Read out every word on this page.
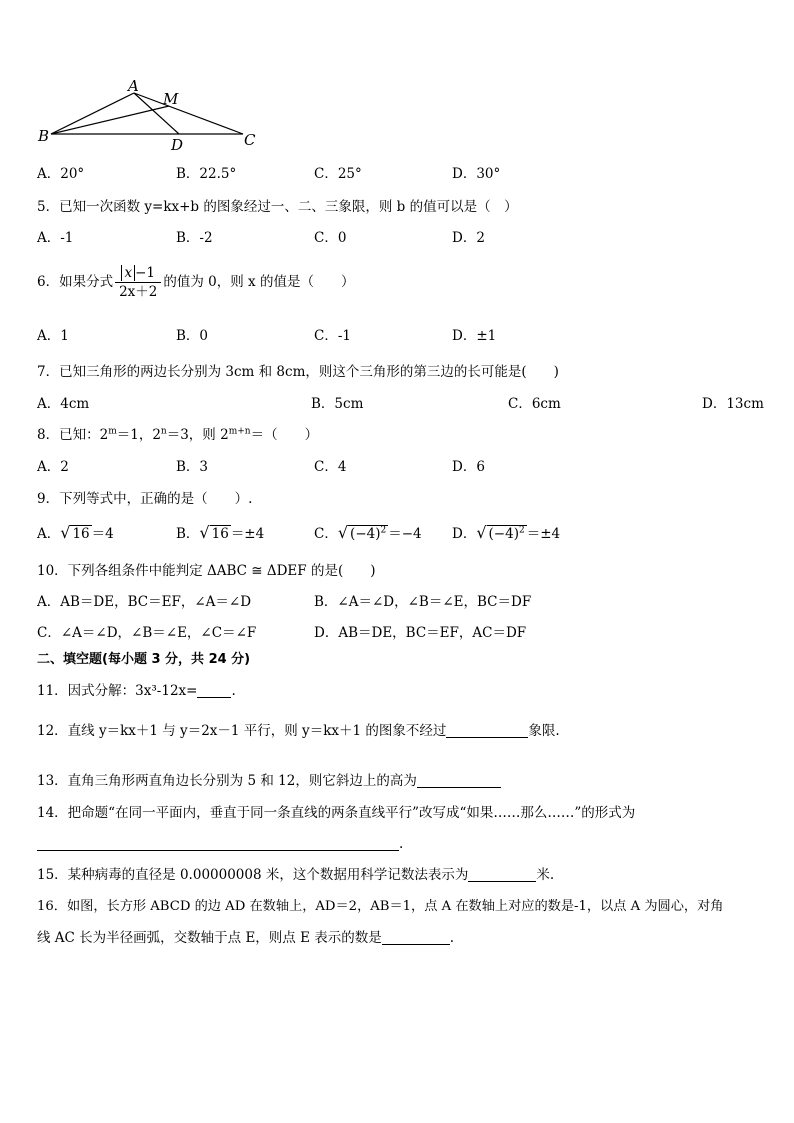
A
M
B	D	C
A．20°	B．22.5°	C．25°	D．30°
5．已知一次函数 y=kx+b 的图象经过一、二、三象限，则 b 的值可以是（　）
A．-1	B．-2	C．0	D．2
6．如果分式 $\frac{x -1}{2x+2}$ 的值为 0，则 x 的值是（　　）
A．1	B．0	C．-1	D．±1
7．已知三角形的两边长分别为 3cm 和 8cm，则这个三角形的第三边的长可能是(　　)
A．4cm	B．5cm	C．6cm	D．13cm
8．已知：$2^m=1$，$2^n=3$，则 $2^{m+n}=$（　　）
A．2	B．3	C．4	D．6
9．下列等式中，正确的是（　　）.
A．√ 16 ＝4	B．√ 16 ＝±4	C．√ $(-4)^2 =-4$ D．√ $(-4)^2 =\pm 4$
10．下列各组条件中能判定 ΔABC ≅ ΔDEF 的是(　　)
A．AB＝DE，BC＝EF，∠A＝∠D	B．∠A＝∠D，∠B＝∠E，BC＝DF
C．∠A＝∠D，∠B＝∠E，∠C＝∠F	D．AB＝DE，BC＝EF，AC＝DF
二、填空题(每小题 3 分，共 24 分)
11．因式分解：3x³-12x=	.
12．直线 y＝kx＋1 与 y＝2x－1 平行，则 y＝kx＋1 的图象不经过	象限.
13．直角三角形两直角边长分别为 5 和 12，则它斜边上的高为
14．把命题“在同一平面内，垂直于同一条直线的两条直线平行”改写成“如果……那么……”的形式为
.
15．某种病毒的直径是 0.00000008 米，这个数据用科学记数法表示为	米.
16．如图，长方形 ABCD 的边 AD 在数轴上，AD＝2，AB＝1，点 A 在数轴上对应的数是-1，以点 A 为圆心，对角
线 AC 长为半径画弧，交数轴于点 E，则点 E 表示的数是	.
